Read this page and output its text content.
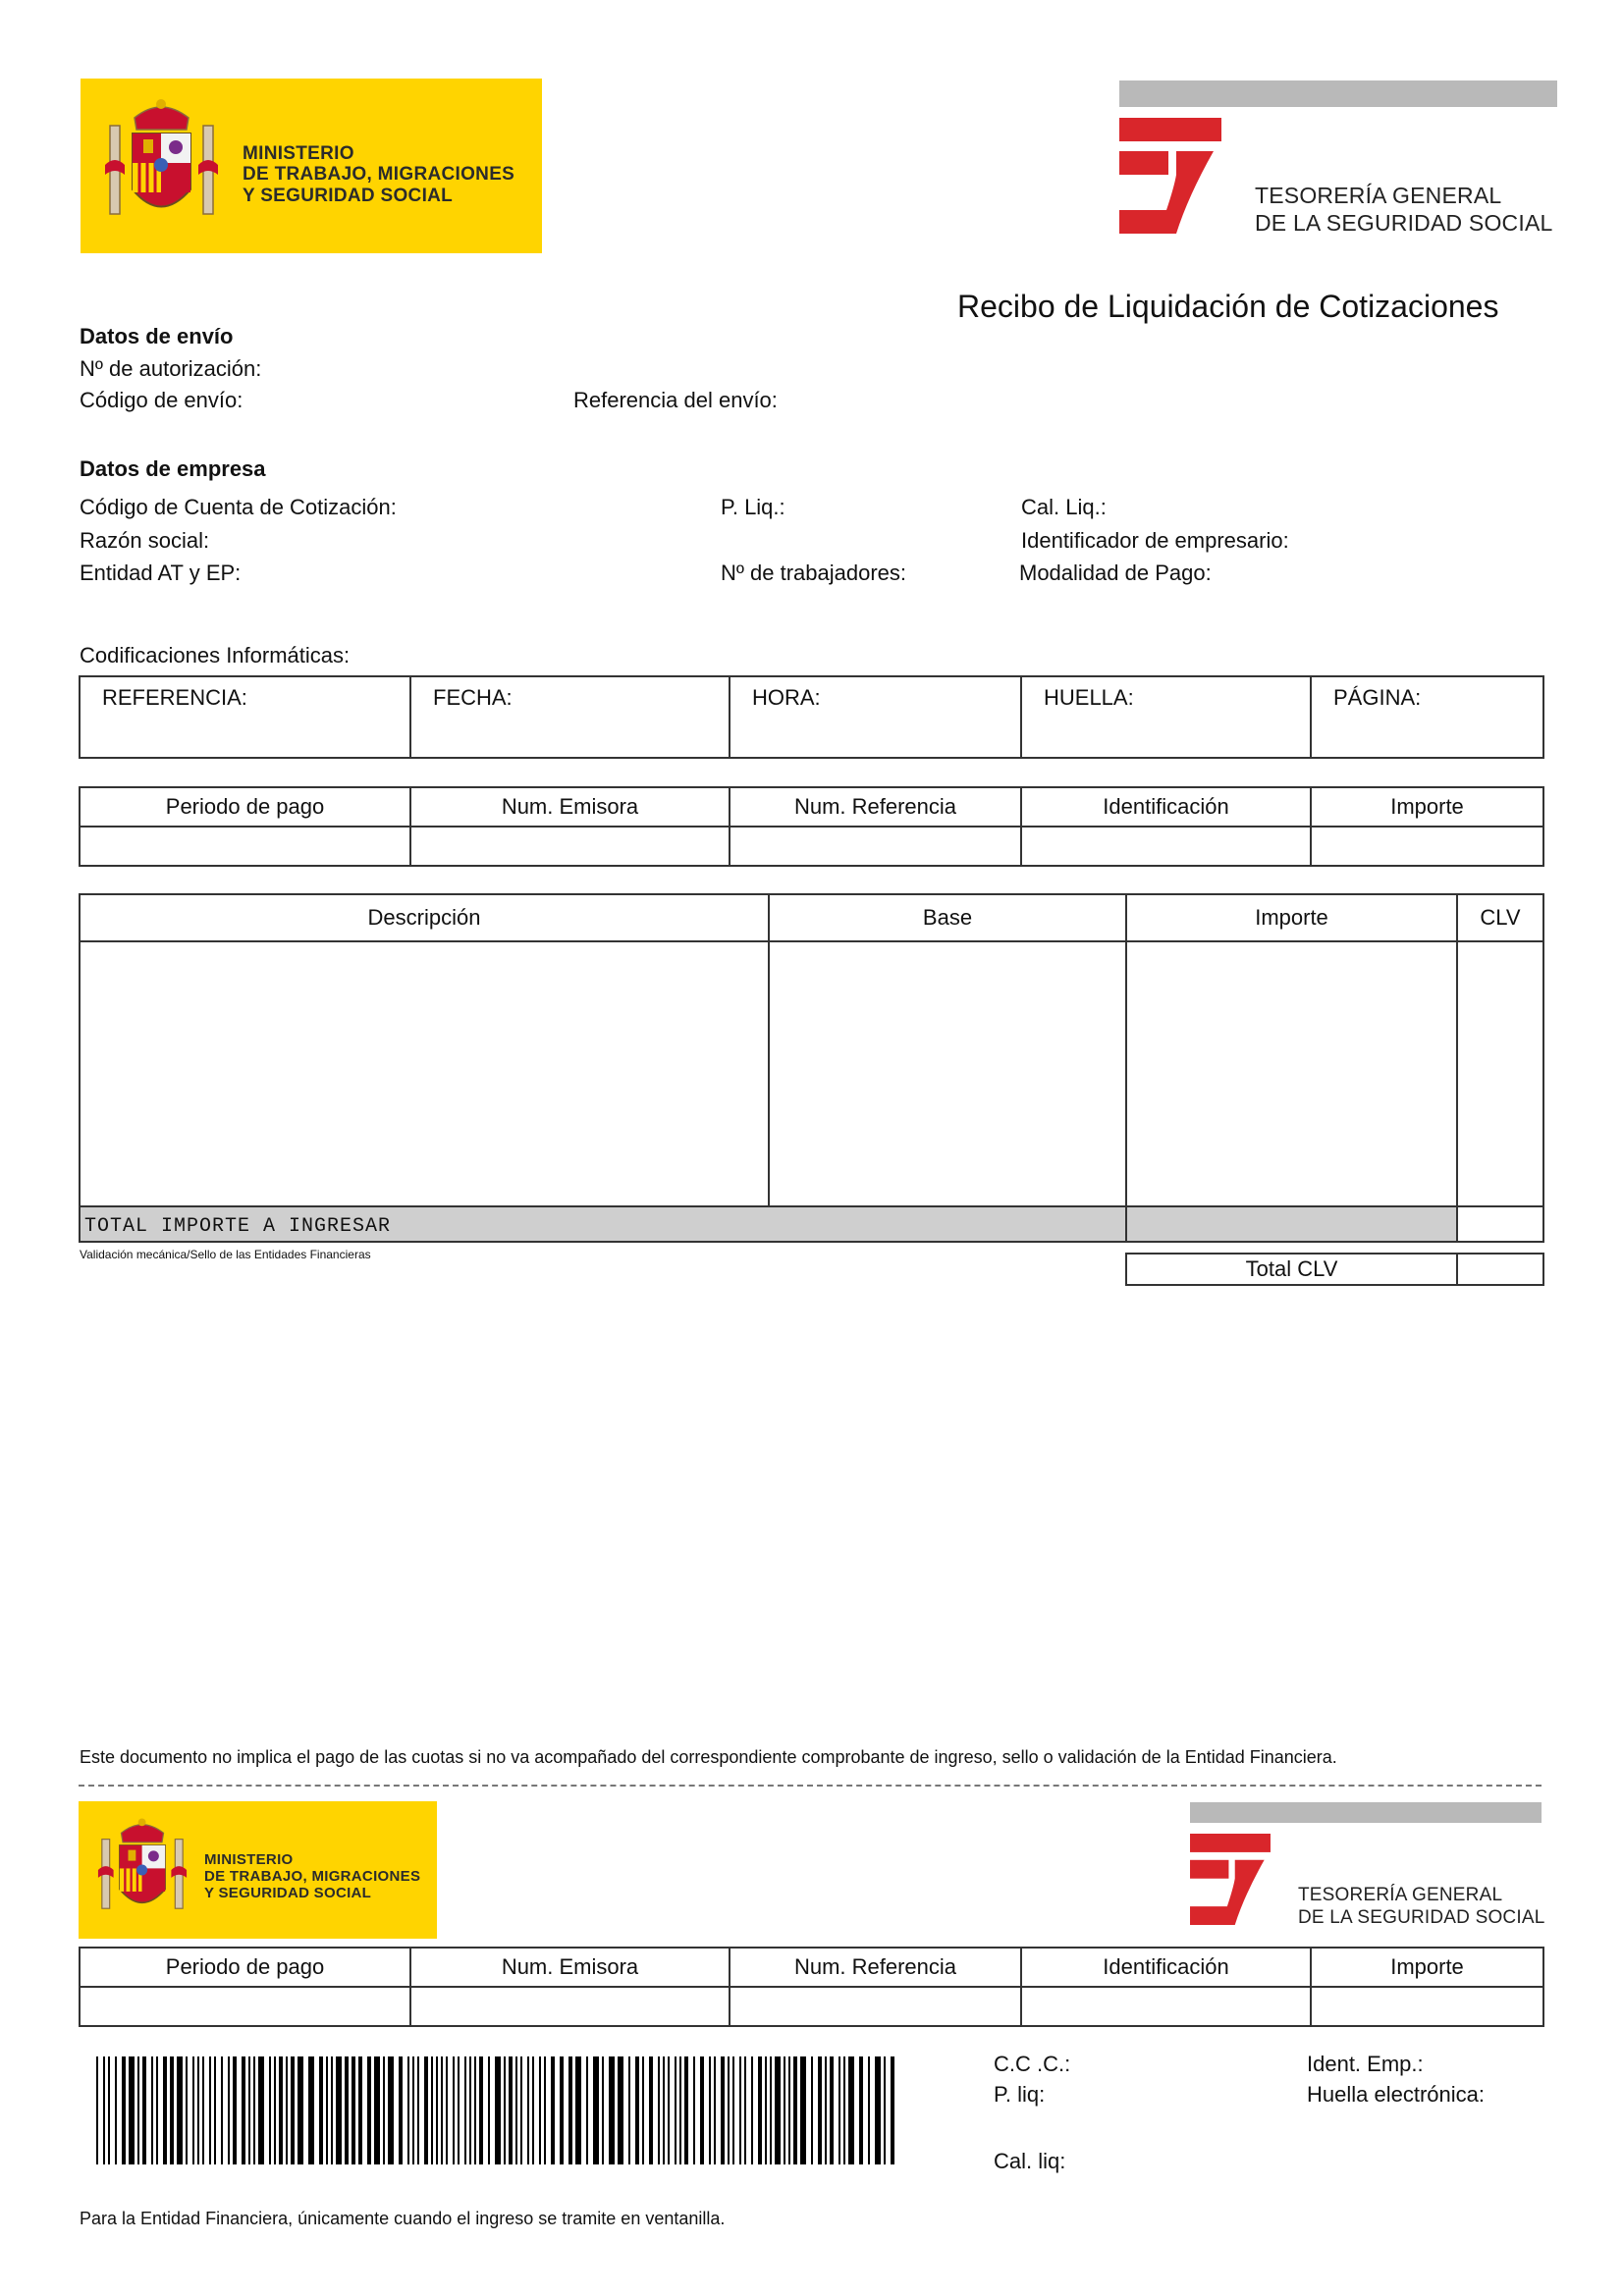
MINISTERIO
DE TRABAJO, MIGRACIONES
Y SEGURIDAD SOCIAL	TESORERÍA GENERAL
DE LA SEGURIDAD SOCIAL
Recibo de Liquidación de Cotizaciones
Datos de envío
Nº de autorización:
Código de envío:	Referencia del envío:
Datos de empresa
Código de Cuenta de Cotización:	P. Liq.:	Cal. Liq.:
Razón social:	Identificador de empresario:
Entidad AT y EP:	Nº de trabajadores:	Modalidad de Pago:
Codificaciones Informáticas:
REFERENCIA:	FECHA:	HORA:	HUELLA:	PÁGINA:
Periodo de pago	Num. Emisora	Num. Referencia	Identificación	Importe

Descripción	Base	Importe	CLV

TOTAL IMPORTE A INGRESAR			
Validación mecánica/Sello de las Entidades Financieras
Total CLV	
Este documento no implica el pago de las cuotas si no va acompañado del correspondiente comprobante de ingreso, sello o validación de la Entidad Financiera.
MINISTERIO
DE TRABAJO, MIGRACIONES
Y SEGURIDAD SOCIAL	TESORERÍA GENERAL
DE LA SEGURIDAD SOCIAL
Periodo de pago	Num. Emisora	Num. Referencia	Identificación	Importe

C.C .C.:
P. liq:
Cal. liq:
Ident. Emp.:
Huella electrónica:
Para la Entidad Financiera, únicamente cuando el ingreso se tramite en ventanilla.
